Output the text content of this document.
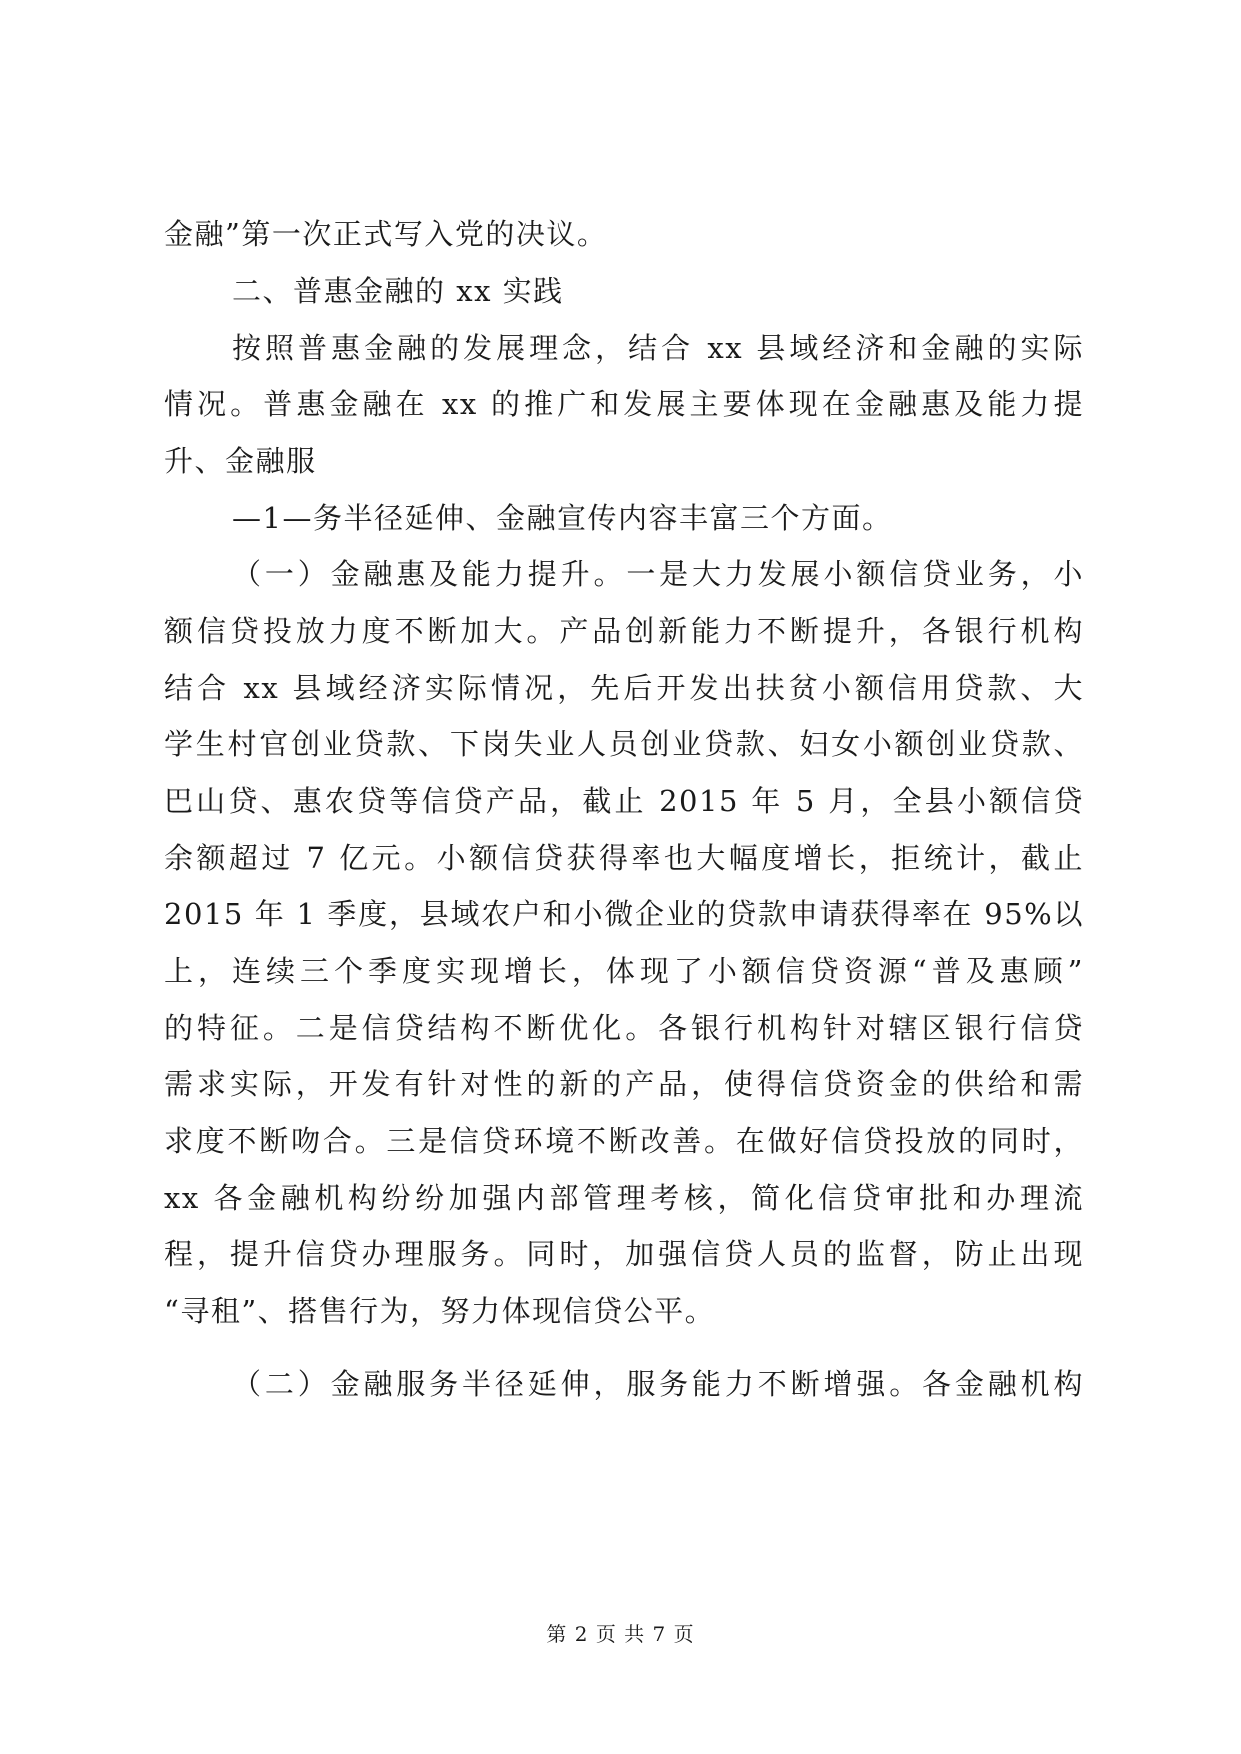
金融”第一次正式写入党的决议。
二、普惠金融的 xx 实践
按照普惠金融的发展理念，结合 xx 县域经济和金融的实际
情况。普惠金融在 xx 的推广和发展主要体现在金融惠及能力提
升、金融服
—1—务半径延伸、金融宣传内容丰富三个方面。
（一）金融惠及能力提升。一是大力发展小额信贷业务，小
额信贷投放力度不断加大。产品创新能力不断提升，各银行机构
结合 xx 县域经济实际情况，先后开发出扶贫小额信用贷款、大
学生村官创业贷款、下岗失业人员创业贷款、妇女小额创业贷款、
巴山贷、惠农贷等信贷产品，截止 2015 年 5 月，全县小额信贷
余额超过 7 亿元。小额信贷获得率也大幅度增长，拒统计，截止
2015 年 1 季度，县域农户和小微企业的贷款申请获得率在 95%以
上，连续三个季度实现增长，体现了小额信贷资源“普及惠顾”
的特征。二是信贷结构不断优化。各银行机构针对辖区银行信贷
需求实际，开发有针对性的新的产品，使得信贷资金的供给和需
求度不断吻合。三是信贷环境不断改善。在做好信贷投放的同时，
xx 各金融机构纷纷加强内部管理考核，简化信贷审批和办理流
程，提升信贷办理服务。同时，加强信贷人员的监督，防止出现
“寻租”、搭售行为，努力体现信贷公平。
（二）金融服务半径延伸，服务能力不断增强。各金融机构
第 2 页 共 7 页
